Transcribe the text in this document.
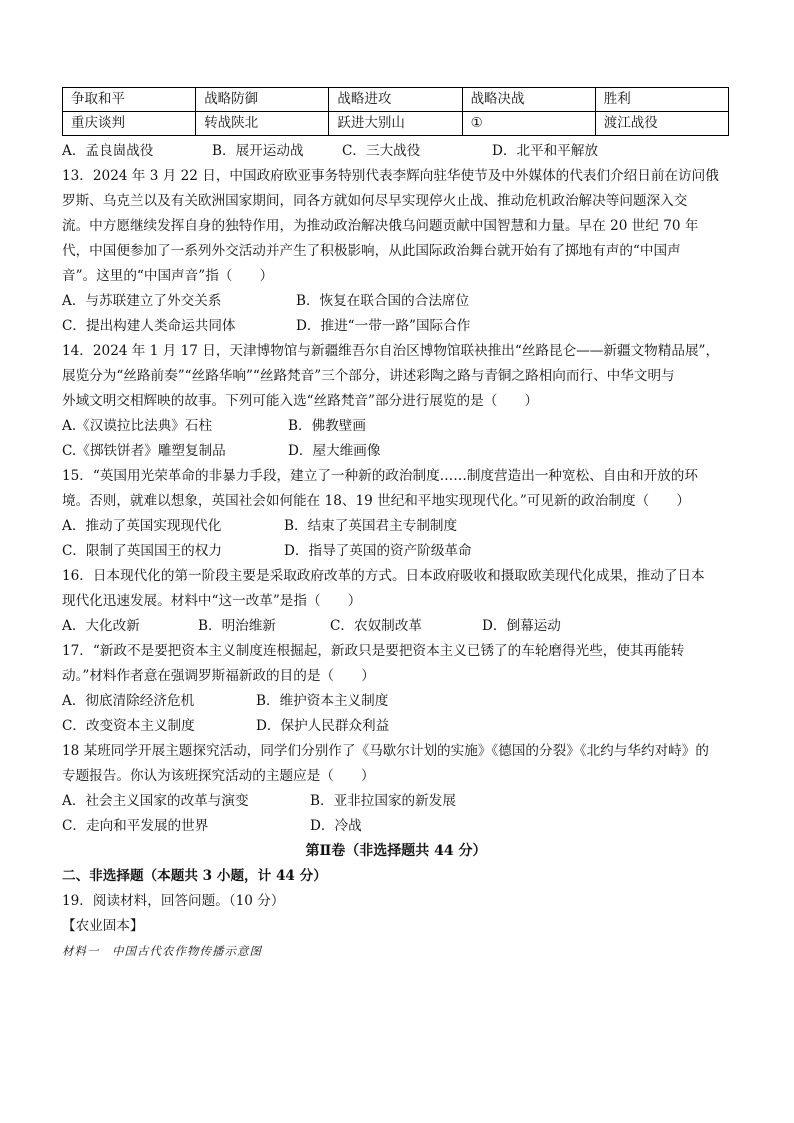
争取和平	战略防御	战略进攻	战略决战	胜利
重庆谈判	转战陕北	跃进大别山	①	渡江战役
A．孟良崮战役	B．展开运动战	C．三大战役	D．北平和平解放
13．2024 年 3 月 22 日，中国政府欧亚事务特别代表李辉向驻华使节及中外媒体的代表们介绍日前在访问俄
罗斯、乌克兰以及有关欧洲国家期间，同各方就如何尽早实现停火止战、推动危机政治解决等问题深入交
流。中方愿继续发挥自身的独特作用，为推动政治解决俄乌问题贡献中国智慧和力量。早在 20 世纪 70 年
代，中国便参加了一系列外交活动并产生了积极影响，从此国际政治舞台就开始有了掷地有声的“中国声
音”。这里的“中国声音”指（　　）
A．与苏联建立了外交关系	B．恢复在联合国的合法席位
C．提出构建人类命运共同体	D．推进“一带一路”国际合作
14．2024 年 1 月 17 日，天津博物馆与新疆维吾尔自治区博物馆联袂推出“丝路昆仑——新疆文物精品展”，
展览分为“丝路前奏”“丝路华响”“丝路梵音”三个部分，讲述彩陶之路与青铜之路相向而行、中华文明与
外域文明交相辉映的故事。下列可能入选“丝路梵音”部分进行展览的是（　　）
A.《汉谟拉比法典》石柱	B．佛教壁画
C.《掷铁饼者》雕塑复制品	D．屋大维画像
15．“英国用光荣革命的非暴力手段，建立了一种新的政治制度……制度营造出一种宽松、自由和开放的环
境。否则，就难以想象，英国社会如何能在 18、19 世纪和平地实现现代化。”可见新的政治制度（　　）
A．推动了英国实现现代化	B．结束了英国君主专制制度
C．限制了英国国王的权力	D．指导了英国的资产阶级革命
16．日本现代化的第一阶段主要是采取政府改革的方式。日本政府吸收和摄取欧美现代化成果，推动了日本
现代化迅速发展。材料中“这一改革”是指（　　）
A．大化改新	B．明治维新	C．农奴制改革	D．倒幕运动
17．“新政不是要把资本主义制度连根掘起，新政只是要把资本主义已锈了的车轮磨得光些，使其再能转
动。”材料作者意在强调罗斯福新政的目的是（　　）
A．彻底清除经济危机	B．维护资本主义制度
C．改变资本主义制度	D．保护人民群众利益
18 某班同学开展主题探究活动，同学们分别作了《马歇尔计划的实施》《德国的分裂》《北约与华约对峙》的
专题报告。你认为该班探究活动的主题应是（　　）
A．社会主义国家的改革与演变	B．亚非拉国家的新发展
C．走向和平发展的世界	D．冷战
第Ⅱ卷（非选择题共 44 分）
二、非选择题（本题共 3 小题，计 44 分）
19．阅读材料，回答问题。（10 分）
【农业固本】
材料一　中国古代农作物传播示意图
